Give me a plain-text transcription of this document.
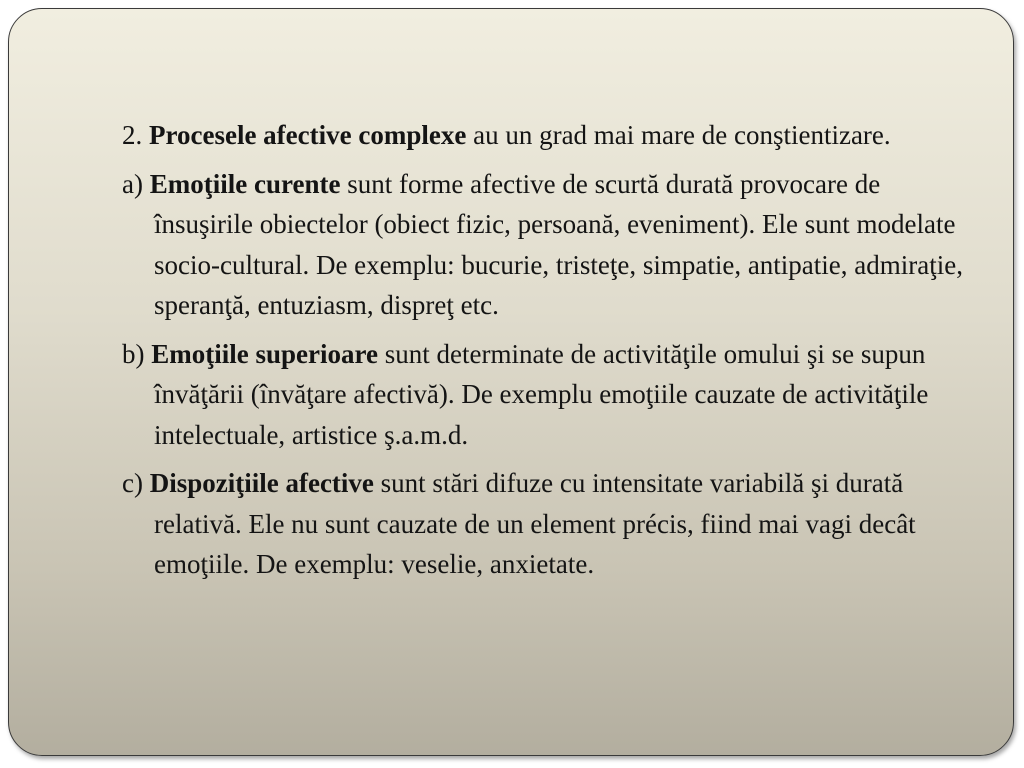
2. Procesele afective complexe au un grad mai mare de conştientizare.

a) Emoţiile curente sunt forme afective de scurtă durată provocare de însuşirile obiectelor (obiect fizic, persoană, eveniment). Ele sunt modelate socio-cultural. De exemplu: bucurie, tristeţe, simpatie, antipatie, admiraţie, speranţă, entuziasm, dispreţ etc.

b) Emoţiile superioare sunt determinate de activităţile omului şi se supun învăţării (învăţare afectivă). De exemplu emoţiile cauzate de activităţile intelectuale, artistice ş.a.m.d.

c) Dispoziţiile afective sunt stări difuze cu intensitate variabilă şi durată relativă. Ele nu sunt cauzate de un element précis, fiind mai vagi decât emoţiile. De exemplu: veselie, anxietate.
